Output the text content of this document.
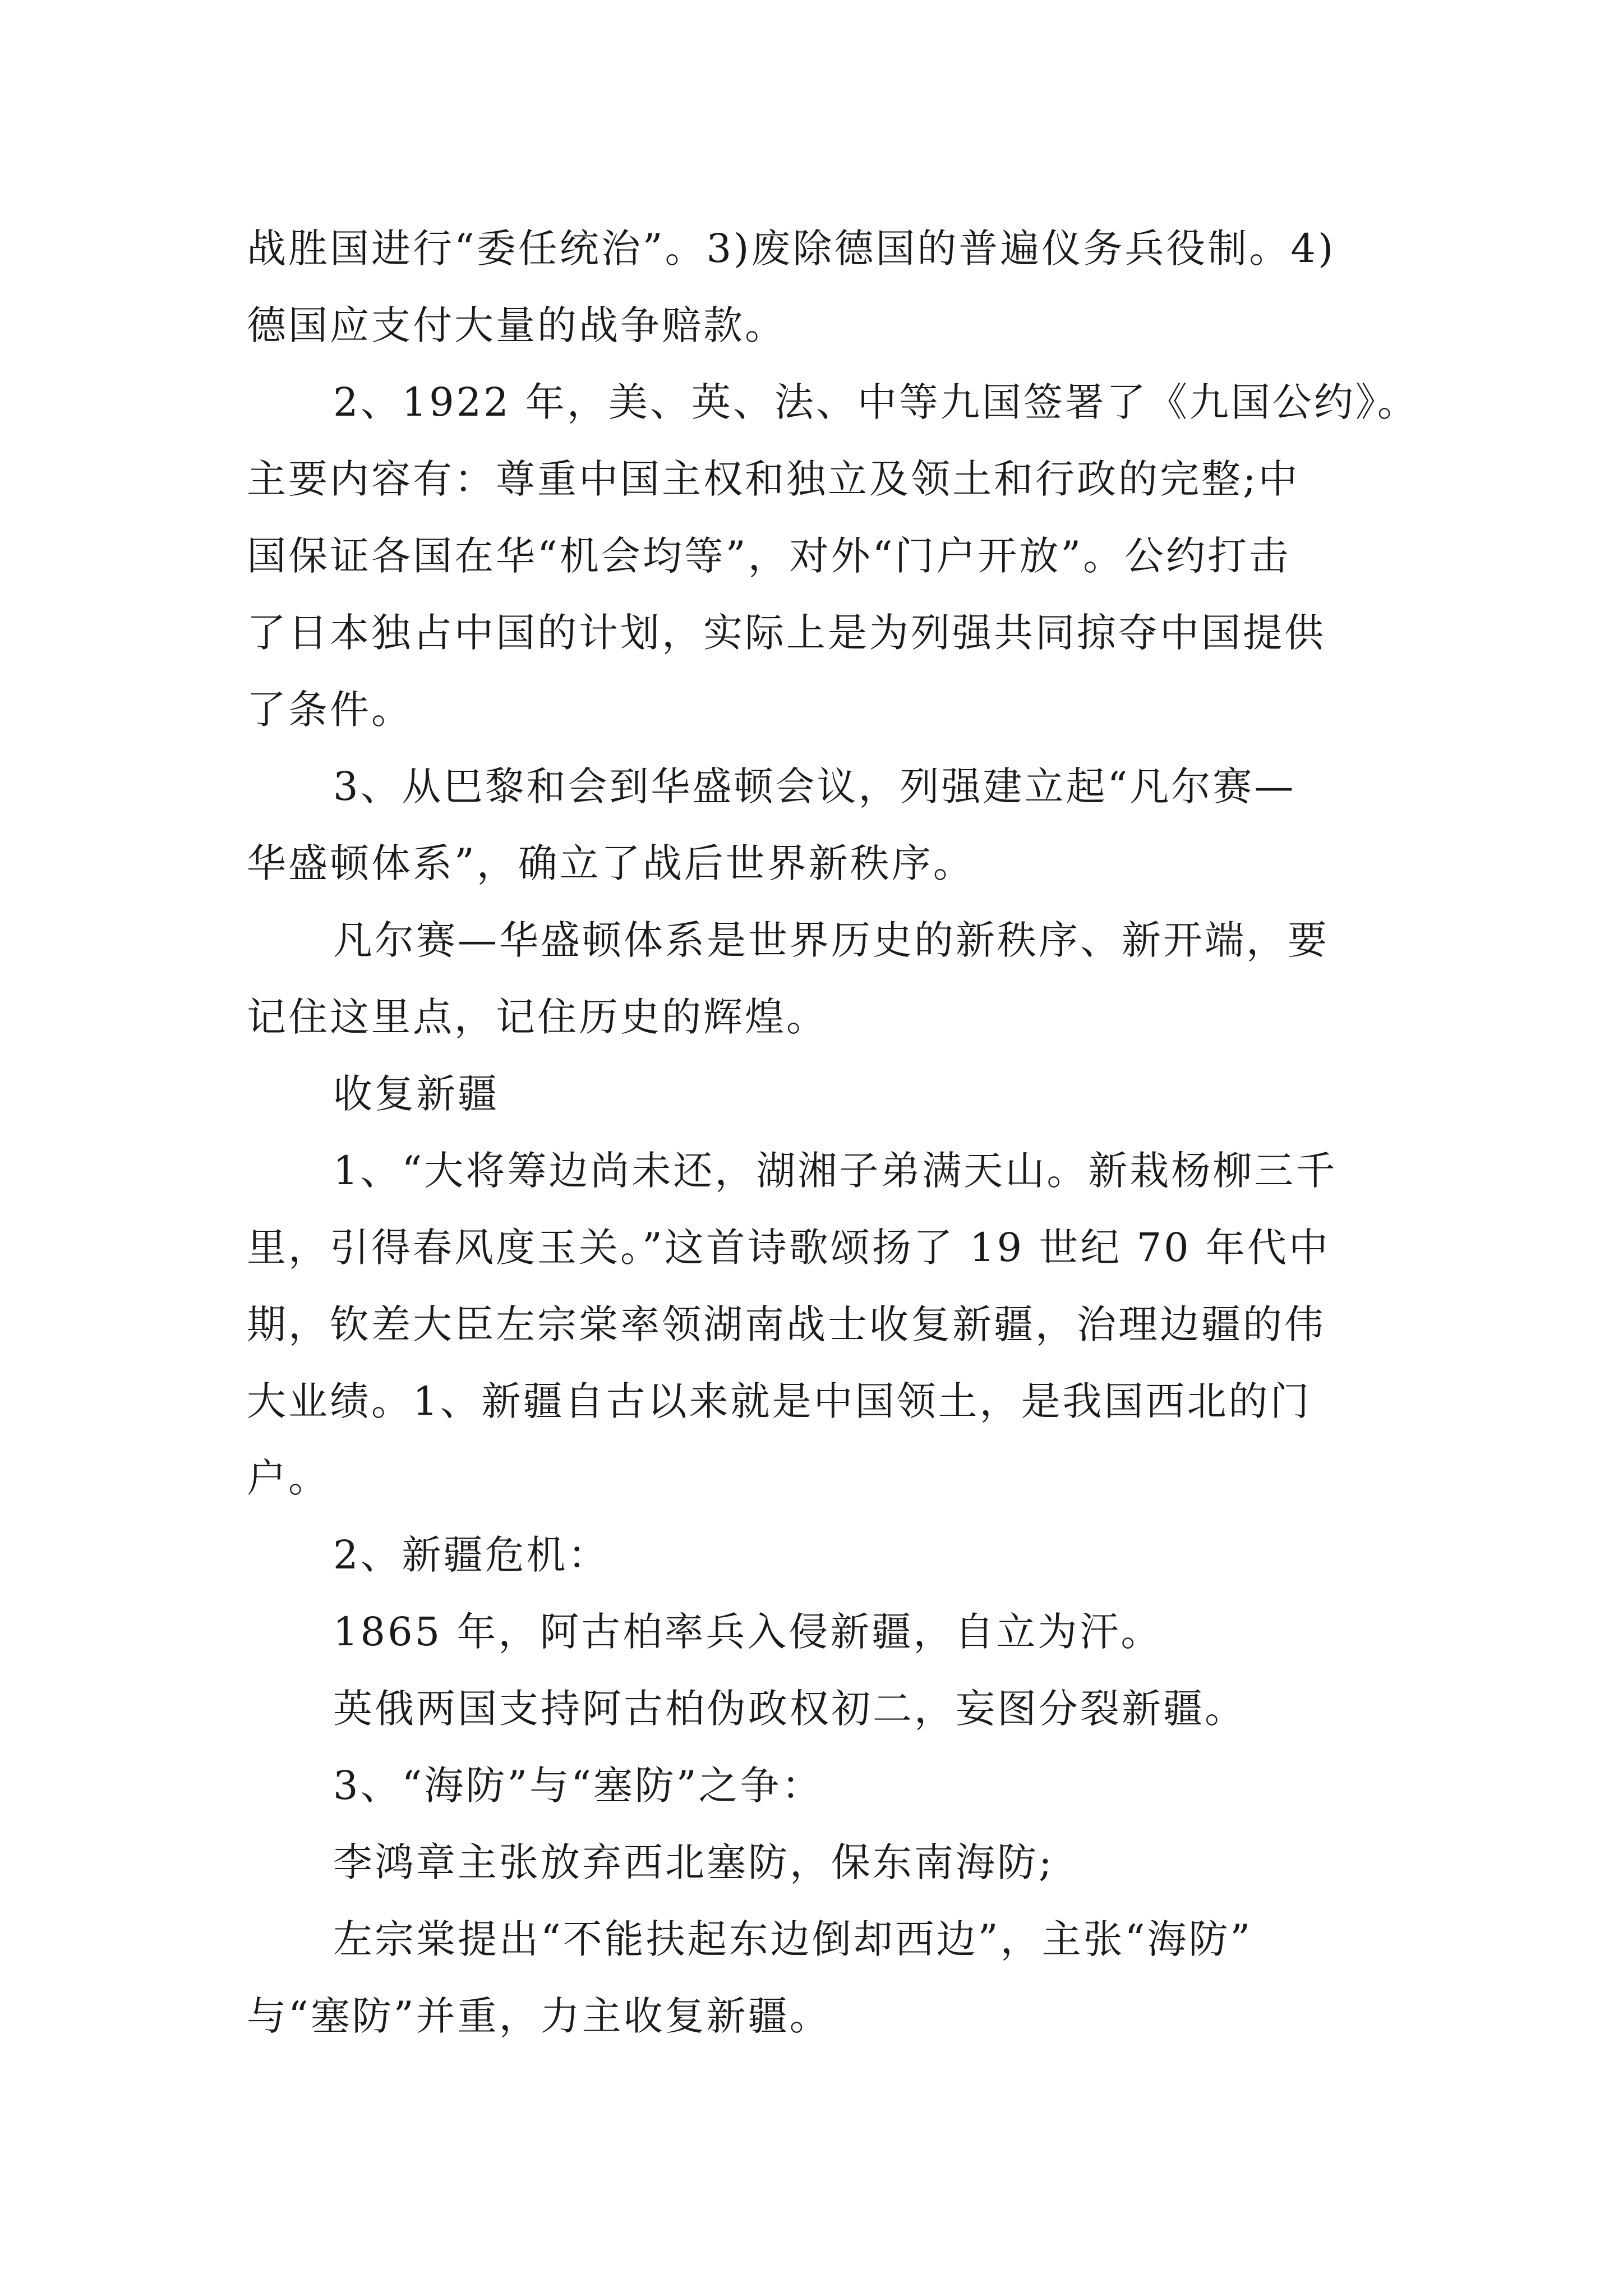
战胜国进行“委任统治”。3)废除德国的普遍仪务兵役制。4)

德国应支付大量的战争赔款。

2、1922 年，美、英、法、中等九国签署了《九国公约》。

主要内容有：尊重中国主权和独立及领土和行政的完整;中

国保证各国在华“机会均等”，对外“门户开放”。公约打击

了日本独占中国的计划，实际上是为列强共同掠夺中国提供

了条件。

3、从巴黎和会到华盛顿会议，列强建立起“凡尔赛—

华盛顿体系”，确立了战后世界新秩序。

凡尔赛—华盛顿体系是世界历史的新秩序、新开端，要

记住这里点，记住历史的辉煌。

收复新疆

1、“大将筹边尚未还，湖湘子弟满天山。新栽杨柳三千

里，引得春风度玉关。”这首诗歌颂扬了 19 世纪 70 年代中

期，钦差大臣左宗棠率领湖南战士收复新疆，治理边疆的伟

大业绩。1、新疆自古以来就是中国领土，是我国西北的门

户。

2、新疆危机：

1865 年，阿古柏率兵入侵新疆，自立为汗。

英俄两国支持阿古柏伪政权初二，妄图分裂新疆。

3、“海防”与“塞防”之争：

李鸿章主张放弃西北塞防，保东南海防;

左宗棠提出“不能扶起东边倒却西边”，主张“海防”

与“塞防”并重，力主收复新疆。
